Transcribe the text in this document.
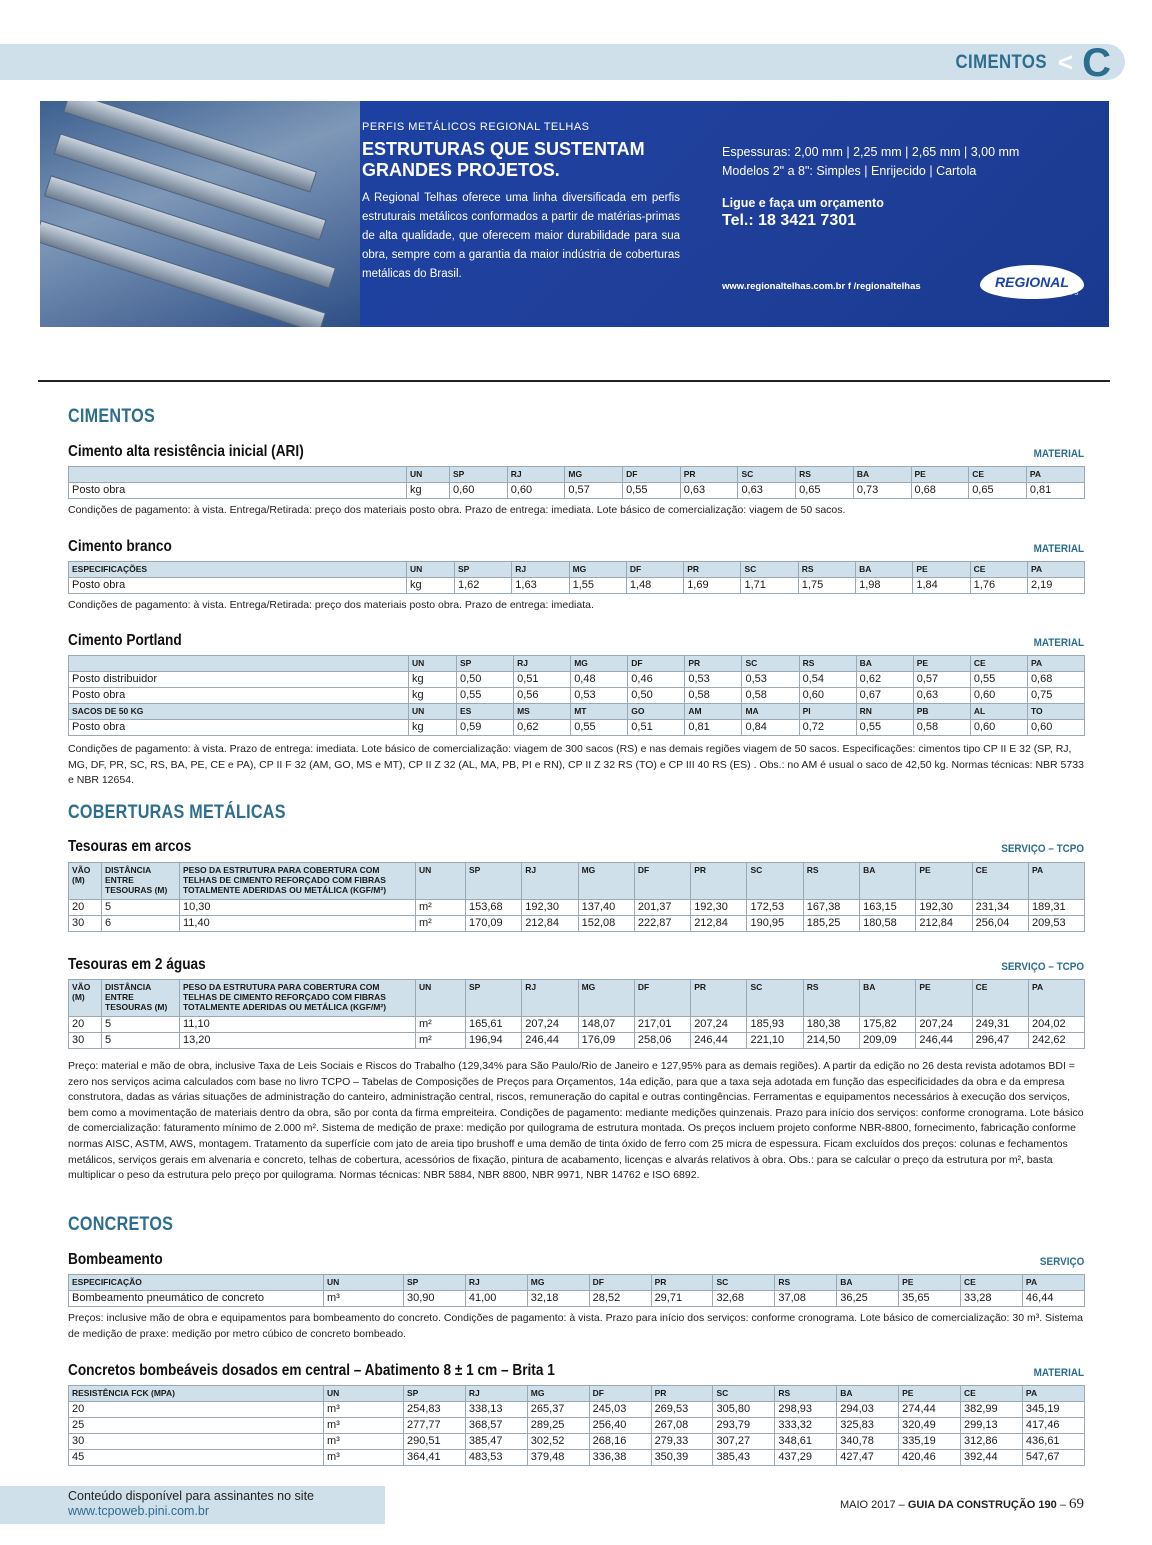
CIMENTOS < C
PERFIS METÁLICOS REGIONAL TELHAS
ESTRUTURAS QUE SUSTENTAM
GRANDES PROJETOS.
A Regional Telhas oferece uma linha diversificada em perfis estruturais metálicos conformados a partir de matérias-primas de alta qualidade, que oferecem maior durabilidade para sua obra, sempre com a garantia da maior indústria de coberturas metálicas do Brasil.
Espessuras: 2,00 mm | 2,25 mm | 2,65 mm | 3,00 mm
Modelos 2" a 8": Simples | Enrijecido | Cartola
Ligue e faça um orçamento
Tel.: 18 3421 7301
www.regionaltelhas.com.br f /regionaltelhas	REGIONAL
TELHAS
CIMENTOS
Cimento alta resistência inicial (ARI)	MATERIAL
	UN	SP	RJ	MG	DF	PR	SC	RS	BA	PE	CE	PA
Posto obra	kg	0,60	0,60	0,57	0,55	0,63	0,63	0,65	0,73	0,68	0,65	0,81
Condições de pagamento: à vista. Entrega/Retirada: preço dos materiais posto obra. Prazo de entrega: imediata. Lote básico de comercialização: viagem de 50 sacos.
Cimento branco	MATERIAL
ESPECIFICAÇÕES	UN	SP	RJ	MG	DF	PR	SC	RS	BA	PE	CE	PA
Posto obra	kg	1,62	1,63	1,55	1,48	1,69	1,71	1,75	1,98	1,84	1,76	2,19
Condições de pagamento: à vista. Entrega/Retirada: preço dos materiais posto obra. Prazo de entrega: imediata.
Cimento Portland	MATERIAL
	UN	SP	RJ	MG	DF	PR	SC	RS	BA	PE	CE	PA
Posto distribuidor	kg	0,50	0,51	0,48	0,46	0,53	0,53	0,54	0,62	0,57	0,55	0,68
Posto obra	kg	0,55	0,56	0,53	0,50	0,58	0,58	0,60	0,67	0,63	0,60	0,75
SACOS DE 50 KG	UN	ES	MS	MT	GO	AM	MA	PI	RN	PB	AL	TO
Posto obra	kg	0,59	0,62	0,55	0,51	0,81	0,84	0,72	0,55	0,58	0,60	0,60
Condições de pagamento: à vista. Prazo de entrega: imediata. Lote básico de comercialização: viagem de 300 sacos (RS) e nas demais regiões viagem de 50 sacos. Especificações: cimentos tipo CP II E 32 (SP, RJ, MG, DF, PR, SC, RS, BA, PE, CE e PA), CP II F 32 (AM, GO, MS e MT), CP II Z 32 (AL, MA, PB, PI e RN), CP II Z 32 RS (TO) e CP III 40 RS (ES) . Obs.: no AM é usual o saco de 42,50 kg. Normas técnicas: NBR 5733 e NBR 12654.
COBERTURAS METÁLICAS
Tesouras em arcos	SERVIÇO – TCPO
VÃO (M)	DISTÂNCIA ENTRE TESOURAS (M)	PESO DA ESTRUTURA PARA COBERTURA COM TELHAS DE CIMENTO REFORÇADO COM FIBRAS TOTALMENTE ADERIDAS OU METÁLICA (KGF/M²)	UN	SP	RJ	MG	DF	PR	SC	RS	BA	PE	CE	PA
20	5	10,30	m²	153,68	192,30	137,40	201,37	192,30	172,53	167,38	163,15	192,30	231,34	189,31
30	6	11,40	m²	170,09	212,84	152,08	222,87	212,84	190,95	185,25	180,58	212,84	256,04	209,53
Tesouras em 2 águas	SERVIÇO – TCPO
VÃO (M)	DISTÂNCIA ENTRE TESOURAS (M)	PESO DA ESTRUTURA PARA COBERTURA COM TELHAS DE CIMENTO REFORÇADO COM FIBRAS TOTALMENTE ADERIDAS OU METÁLICA (KGF/M²)	UN	SP	RJ	MG	DF	PR	SC	RS	BA	PE	CE	PA
20	5	11,10	m²	165,61	207,24	148,07	217,01	207,24	185,93	180,38	175,82	207,24	249,31	204,02
30	5	13,20	m²	196,94	246,44	176,09	258,06	246,44	221,10	214,50	209,09	246,44	296,47	242,62
Preço: material e mão de obra, inclusive Taxa de Leis Sociais e Riscos do Trabalho (129,34% para São Paulo/Rio de Janeiro e 127,95% para as demais regiões). A partir da edição no 26 desta revista adotamos BDI = zero nos serviços acima calculados com base no livro TCPO – Tabelas de Composições de Preços para Orçamentos, 14a edição, para que a taxa seja adotada em função das especificidades da obra e da empresa construtora, dadas as várias situações de administração do canteiro, administração central, riscos, remuneração do capital e outras contingências. Ferramentas e equipamentos necessários à execução dos serviços, bem como a movimentação de materiais dentro da obra, são por conta da firma empreiteira. Condições de pagamento: mediante medições quinzenais. Prazo para início dos serviços: conforme cronograma. Lote básico de comercialização: faturamento mínimo de 2.000 m². Sistema de medição de praxe: medição por quilograma de estrutura montada. Os preços incluem projeto conforme NBR-8800, fornecimento, fabricação conforme normas AISC, ASTM, AWS, montagem. Tratamento da superfície com jato de areia tipo brushoff e uma demão de tinta óxido de ferro com 25 micra de espessura. Ficam excluídos dos preços: colunas e fechamentos metálicos, serviços gerais em alvenaria e concreto, telhas de cobertura, acessórios de fixação, pintura de acabamento, licenças e alvarás relativos à obra. Obs.: para se calcular o preço da estrutura por m², basta multiplicar o peso da estrutura pelo preço por quilograma. Normas técnicas: NBR 5884, NBR 8800, NBR 9971, NBR 14762 e ISO 6892.
CONCRETOS
Bombeamento	SERVIÇO
ESPECIFICAÇÃO	UN	SP	RJ	MG	DF	PR	SC	RS	BA	PE	CE	PA
Bombeamento pneumático de concreto	m³	30,90	41,00	32,18	28,52	29,71	32,68	37,08	36,25	35,65	33,28	46,44
Preços: inclusive mão de obra e equipamentos para bombeamento do concreto. Condições de pagamento: à vista. Prazo para início dos serviços: conforme cronograma. Lote básico de comercialização: 30 m³. Sistema de medição de praxe: medição por metro cúbico de concreto bombeado.
Concretos bombeáveis dosados em central – Abatimento 8 ± 1 cm – Brita 1	MATERIAL
RESISTÊNCIA FCK (MPA)	UN	SP	RJ	MG	DF	PR	SC	RS	BA	PE	CE	PA
20	m³	254,83	338,13	265,37	245,03	269,53	305,80	298,93	294,03	274,44	382,99	345,19
25	m³	277,77	368,57	289,25	256,40	267,08	293,79	333,32	325,83	320,49	299,13	417,46
30	m³	290,51	385,47	302,52	268,16	279,33	307,27	348,61	340,78	335,19	312,86	436,61
45	m³	364,41	483,53	379,48	336,38	350,39	385,43	437,29	427,47	420,46	392,44	547,67
Conteúdo disponível para assinantes no site
www.tcpoweb.pini.com.br	MAIO 2017 – GUIA DA CONSTRUÇÃO 190 – 69
